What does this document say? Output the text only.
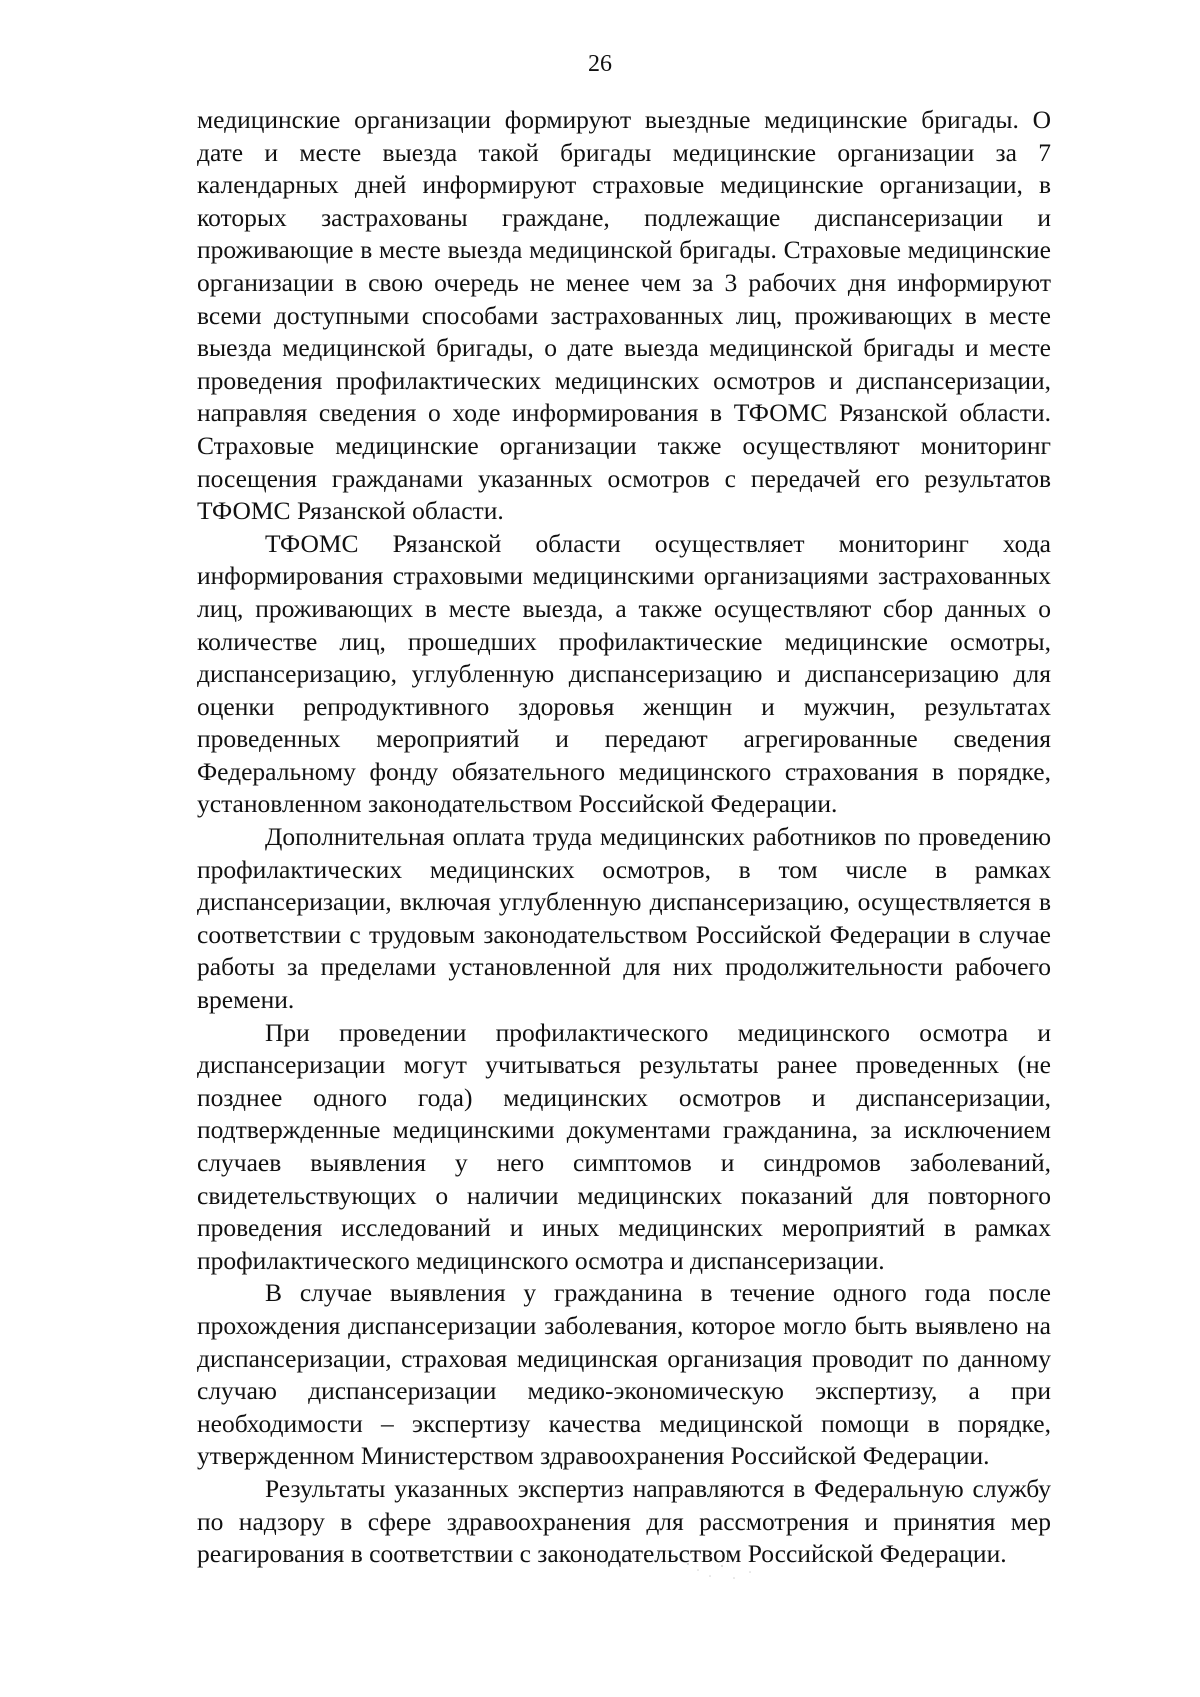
26

медицинские организации формируют выездные медицинские бригады. О дате и месте выезда такой бригады медицинские организации за 7 календарных дней информируют страховые медицинские организации, в которых застрахованы граждане, подлежащие диспансеризации и проживающие в месте выезда медицинской бригады. Страховые медицинские организации в свою очередь не менее чем за 3 рабочих дня информируют всеми доступными способами застрахованных лиц, проживающих в месте выезда медицинской бригады, о дате выезда медицинской бригады и месте проведения профилактических медицинских осмотров и диспансеризации, направляя сведения о ходе информирования в ТФОМС Рязанской области. Страховые медицинские организации также осуществляют мониторинг посещения гражданами указанных осмотров с передачей его результатов ТФОМС Рязанской области.

ТФОМС Рязанской области осуществляет мониторинг хода информирования страховыми медицинскими организациями застрахованных лиц, проживающих в месте выезда, а также осуществляют сбор данных о количестве лиц, прошедших профилактические медицинские осмотры, диспансеризацию, углубленную диспансеризацию и диспансеризацию для оценки репродуктивного здоровья женщин и мужчин, результатах проведенных мероприятий и передают агрегированные сведения Федеральному фонду обязательного медицинского страхования в порядке, установленном законодательством Российской Федерации.

Дополнительная оплата труда медицинских работников по проведению профилактических медицинских осмотров, в том числе в рамках диспансеризации, включая углубленную диспансеризацию, осуществляется в соответствии с трудовым законодательством Российской Федерации в случае работы за пределами установленной для них продолжительности рабочего времени.

При проведении профилактического медицинского осмотра и диспансеризации могут учитываться результаты ранее проведенных (не позднее одного года) медицинских осмотров и диспансеризации, подтвержденные медицинскими документами гражданина, за исключением случаев выявления у него симптомов и синдромов заболеваний, свидетельствующих о наличии медицинских показаний для повторного проведения исследований и иных медицинских мероприятий в рамках профилактического медицинского осмотра и диспансеризации.

В случае выявления у гражданина в течение одного года после прохождения диспансеризации заболевания, которое могло быть выявлено на диспансеризации, страховая медицинская организация проводит по данному случаю диспансеризации медико-экономическую экспертизу, а при необходимости – экспертизу качества медицинской помощи в порядке, утвержденном Министерством здравоохранения Российской Федерации.

Результаты указанных экспертиз направляются в Федеральную службу по надзору в сфере здравоохранения для рассмотрения и принятия мер реагирования в соответствии с законодательством Российской Федерации.
